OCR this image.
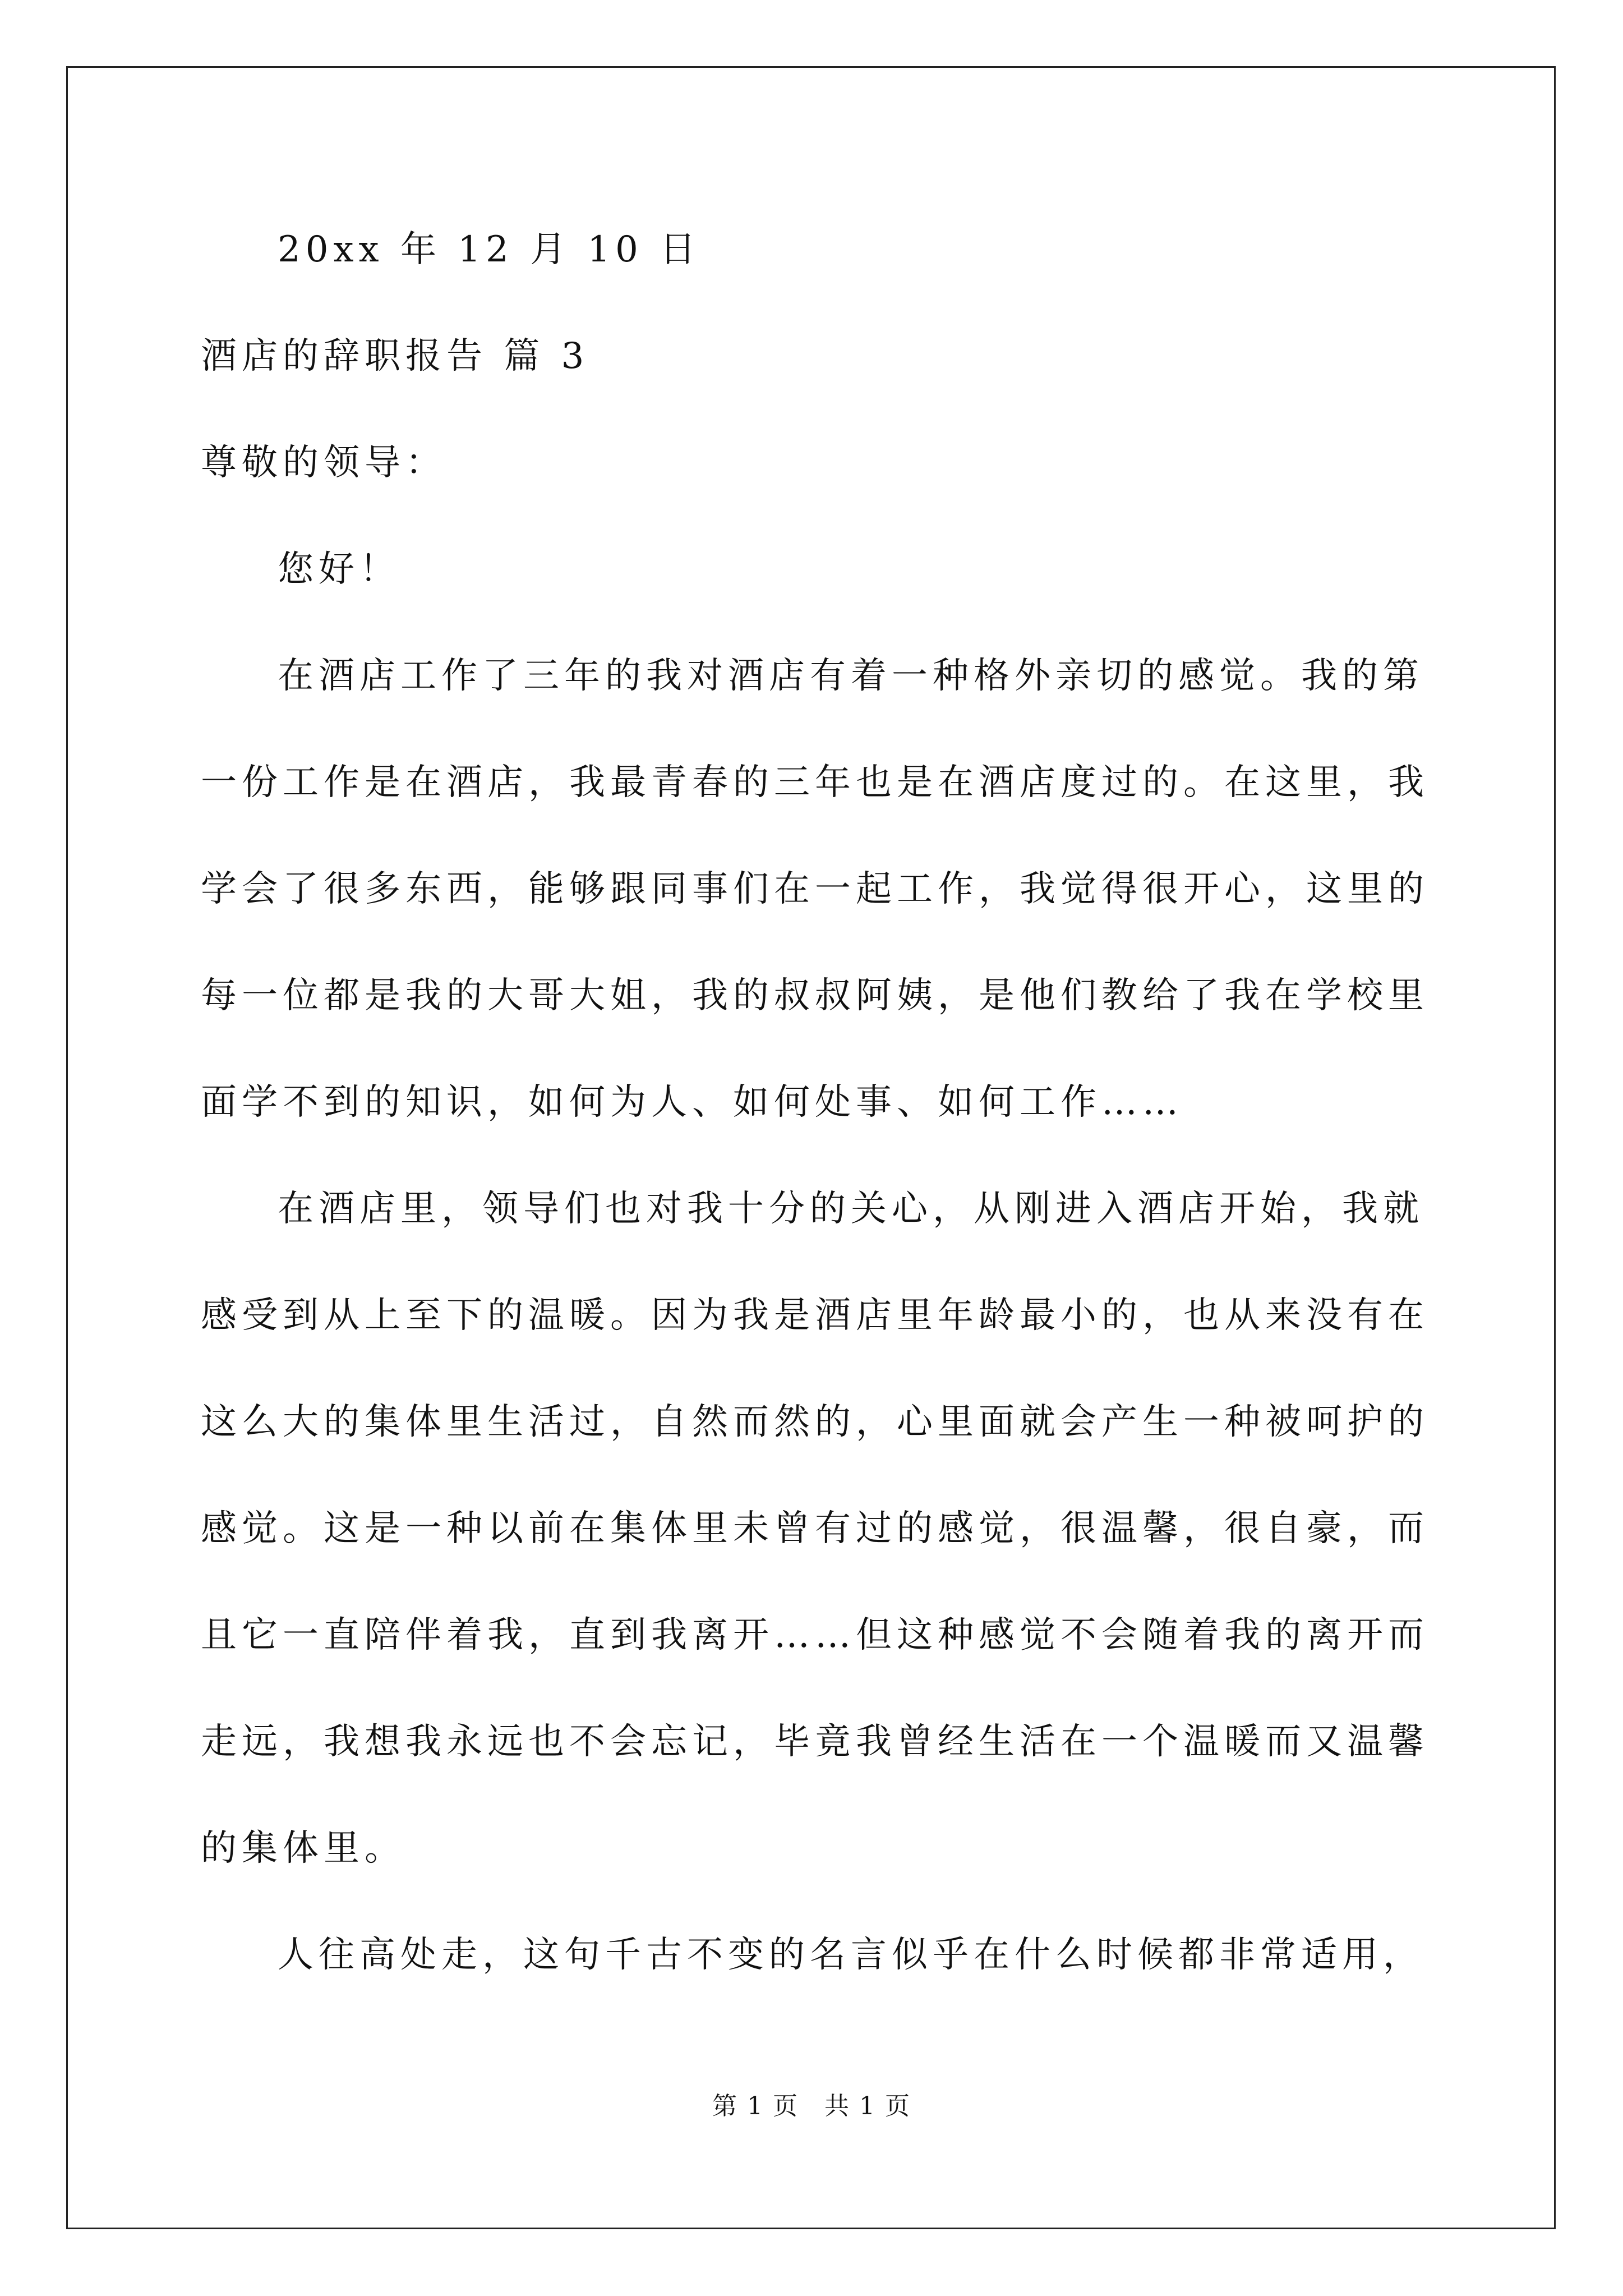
20xx 年 12 月 10 日
酒店的辞职报告 篇 3
尊敬的领导：
您好！
在酒店工作了三年的我对酒店有着一种格外亲切的感觉。我的第
一份工作是在酒店，我最青春的三年也是在酒店度过的。在这里，我
学会了很多东西，能够跟同事们在一起工作，我觉得很开心，这里的
每一位都是我的大哥大姐，我的叔叔阿姨，是他们教给了我在学校里
面学不到的知识，如何为人、如何处事、如何工作……
在酒店里，领导们也对我十分的关心，从刚进入酒店开始，我就
感受到从上至下的温暖。因为我是酒店里年龄最小的，也从来没有在
这么大的集体里生活过，自然而然的，心里面就会产生一种被呵护的
感觉。这是一种以前在集体里未曾有过的感觉，很温馨，很自豪，而
且它一直陪伴着我，直到我离开……但这种感觉不会随着我的离开而
走远，我想我永远也不会忘记，毕竟我曾经生活在一个温暖而又温馨
的集体里。
人往高处走，这句千古不变的名言似乎在什么时候都非常适用，
第 1 页　共 1 页
